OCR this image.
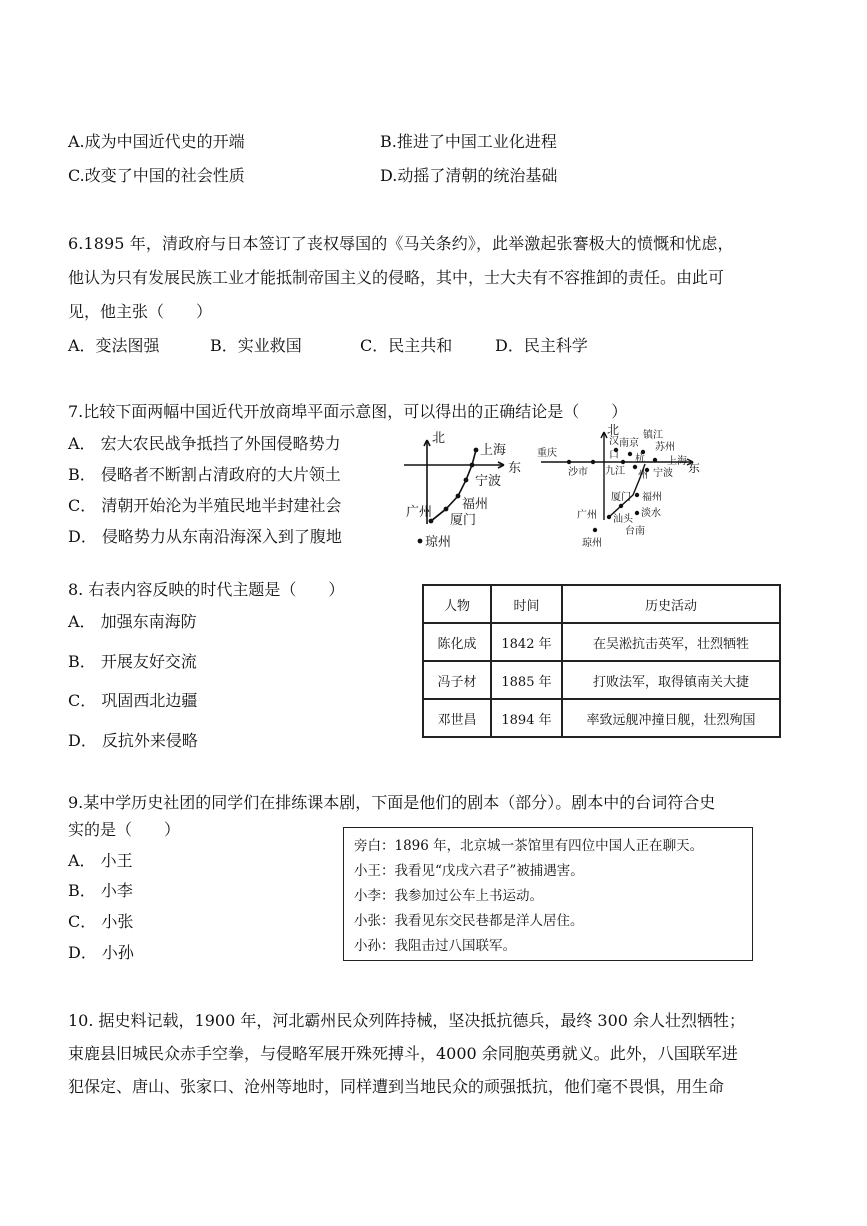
A.成为中国近代史的开端	B.推进了中国工业化进程
C.改变了中国的社会性质	D.动摇了清朝的统治基础
6.1895 年，清政府与日本签订了丧权辱国的《马关条约》，此举激起张謇极大的愤慨和忧虑，
他认为只有发展民族工业才能抵制帝国主义的侵略，其中，士大夫有不容推卸的责任。由此可
见，他主张（　　）
A．变法图强	B．实业救国	C．民主共和	D．民主科学
7.比较下面两幅中国近代开放商埠平面示意图，可以得出的正确结论是（　　）
A． 宏大农民战争抵挡了外国侵略势力
B． 侵略者不断割占清政府的大片领土
C． 清朝开始沦为半殖民地半封建社会
D． 侵略势力从东南沿海深入到了腹地
北
东
上海
宁波
福州
厦门
广州
琼州
北
东
重庆
沙市
汉
口
南京
镇江
苏州
上海
九江
杭
州 宁波
厦门 福州
广州 汕头
淡水
台南
琼州
8. 右表内容反映的时代主题是（　　）
A． 加强东南海防
B． 开展友好交流
C． 巩固西北边疆
D． 反抗外来侵略
人物	时间	历史活动
陈化成	1842 年	在吴淞抗击英军，壮烈牺牲
冯子材	1885 年	打败法军，取得镇南关大捷
邓世昌	1894 年	率致远舰冲撞日舰，壮烈殉国
9.某中学历史社团的同学们在排练课本剧，下面是他们的剧本（部分）。剧本中的台词符合史
实的是（　　）
A． 小王
B． 小李
C． 小张
D． 小孙
旁白：1896 年，北京城一茶馆里有四位中国人正在聊天。
小王：我看见“戊戌六君子”被捕遇害。
小李：我参加过公车上书运动。
小张：我看见东交民巷都是洋人居住。
小孙：我阻击过八国联军。
10. 据史料记载，1900 年，河北霸州民众列阵持械，坚决抵抗德兵，最终 300 余人壮烈牺牲；
束鹿县旧城民众赤手空拳，与侵略军展开殊死搏斗，4000 余同胞英勇就义。此外，八国联军进
犯保定、唐山、张家口、沧州等地时，同样遭到当地民众的顽强抵抗，他们毫不畏惧，用生命
